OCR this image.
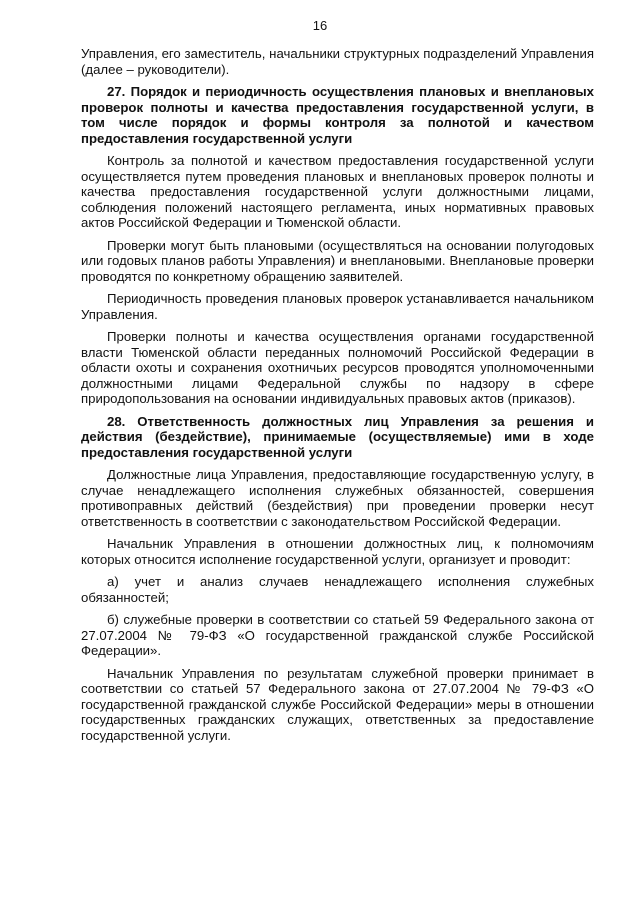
16

Управления, его заместитель, начальники структурных подразделений Управления (далее – руководители).

27. Порядок и периодичность осуществления плановых и внеплановых проверок полноты и качества предоставления государственной услуги, в том числе порядок и формы контроля за полнотой и качеством предоставления государственной услуги

Контроль за полнотой и качеством предоставления государственной услуги осуществляется путем проведения плановых и внеплановых проверок полноты и качества предоставления государственной услуги должностными лицами, соблюдения положений настоящего регламента, иных нормативных правовых актов Российской Федерации и Тюменской области.

Проверки могут быть плановыми (осуществляться на основании полугодовых или годовых планов работы Управления) и внеплановыми. Внеплановые проверки проводятся по конкретному обращению заявителей.

Периодичность проведения плановых проверок устанавливается начальником Управления.

Проверки полноты и качества осуществления органами государственной власти Тюменской области переданных полномочий Российской Федерации в области охоты и сохранения охотничьих ресурсов проводятся уполномоченными должностными лицами Федеральной службы по надзору в сфере природопользования на основании индивидуальных правовых актов (приказов).

28. Ответственность должностных лиц Управления за решения и действия (бездействие), принимаемые (осуществляемые) ими в ходе предоставления государственной услуги

Должностные лица Управления, предоставляющие государственную услугу, в случае ненадлежащего исполнения служебных обязанностей, совершения противоправных действий (бездействия) при проведении проверки несут ответственность в соответствии с законодательством Российской Федерации.

Начальник Управления в отношении должностных лиц, к полномочиям которых относится исполнение государственной услуги, организует и проводит:

а) учет и анализ случаев ненадлежащего исполнения служебных обязанностей;

б) служебные проверки в соответствии со статьей 59 Федерального закона от 27.07.2004 № 79-ФЗ «О государственной гражданской службе Российской Федерации».

Начальник Управления по результатам служебной проверки принимает в соответствии со статьей 57 Федерального закона от 27.07.2004 № 79-ФЗ «О государственной гражданской службе Российской Федерации» меры в отношении государственных гражданских служащих, ответственных за предоставление государственной услуги.
